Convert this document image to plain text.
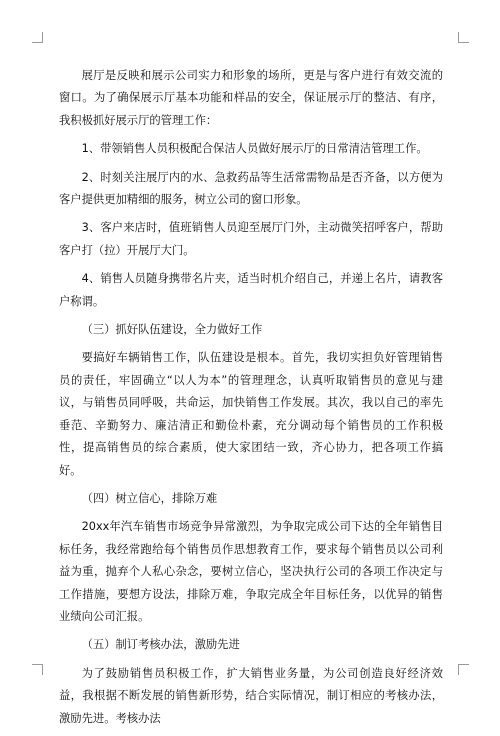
展厅是反映和展示公司实力和形象的场所，更是与客户进行有效交流的窗口。为了确保展示厅基本功能和样品的安全，保证展示厅的整洁、有序，我积极抓好展示厅的管理工作：

1、带领销售人员积极配合保洁人员做好展示厅的日常清洁管理工作。

2、时刻关注展厅内的水、急救药品等生活常需物品是否齐备，以方便为客户提供更加精细的服务，树立公司的窗口形象。

3、客户来店时，值班销售人员迎至展厅门外，主动微笑招呼客户，帮助客户打（拉）开展厅大门。

4、销售人员随身携带名片夹，适当时机介绍自己，并递上名片，请教客户称谓。

（三）抓好队伍建设，全力做好工作

要搞好车辆销售工作，队伍建设是根本。首先，我切实担负好管理销售员的责任，牢固确立“以人为本”的管理理念，认真听取销售员的意见与建议，与销售员同呼吸，共命运，加快销售工作发展。其次，我以自己的率先垂范、辛勤努力、廉洁清正和勤俭朴素，充分调动每个销售员的工作积极性，提高销售员的综合素质，使大家团结一致，齐心协力，把各项工作搞好。

（四）树立信心，排除万难

20xx年汽车销售市场竞争异常激烈，为争取完成公司下达的全年销售目标任务，我经常跑给每个销售员作思想教育工作，要求每个销售员以公司利益为重，抛弃个人私心杂念，要树立信心，坚决执行公司的各项工作决定与工作措施，要想方设法，排除万难，争取完成全年目标任务，以优异的销售业绩向公司汇报。

（五）制订考核办法，激励先进

为了鼓励销售员积极工作，扩大销售业务量，为公司创造良好经济效益，我根据不断发展的销售新形势，结合实际情况，制订相应的考核办法，激励先进。考核办法
